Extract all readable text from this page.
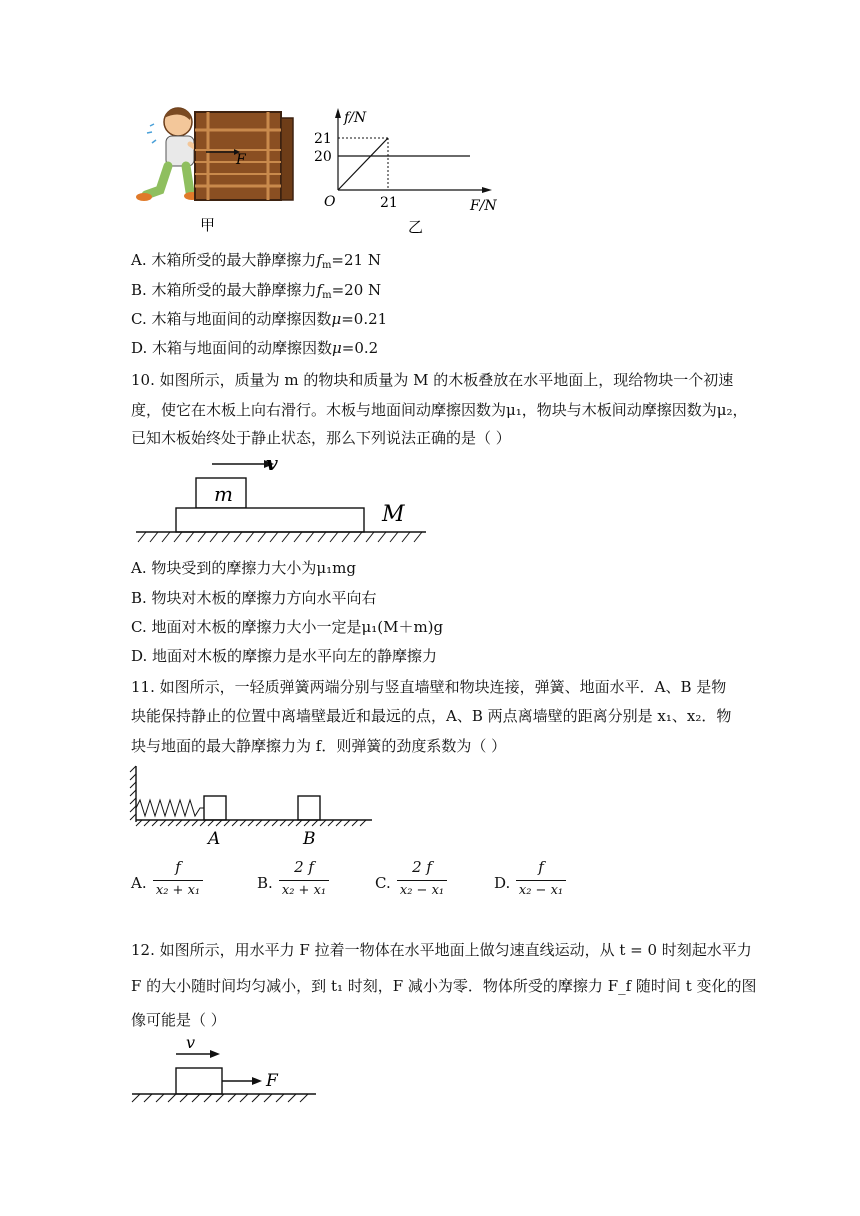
F
甲
f/N
21
20
O	21	F/N
乙
A. 木箱所受的最大静摩擦力$f_m=21$ N
B. 木箱所受的最大静摩擦力$f_m=20$ N
C. 木箱与地面间的动摩擦因数μ=0.21
D. 木箱与地面间的动摩擦因数μ=0.2
10. 如图所示，质量为 m 的物块和质量为 M 的木板叠放在水平地面上，现给物块一个初速
度，使它在木板上向右滑行。木板与地面间动摩擦因数为μ₁，物块与木板间动摩擦因数为μ₂，
已知木板始终处于静止状态，那么下列说法正确的是（ ）
v
m
M
A. 物块受到的摩擦力大小为μ₁mg
B. 物块对木板的摩擦力方向水平向右
C. 地面对木板的摩擦力大小一定是μ₁(M＋m)g
D. 地面对木板的摩擦力是水平向左的静摩擦力
11. 如图所示，一轻质弹簧两端分别与竖直墙壁和物块连接，弹簧、地面水平．A、B 是物
块能保持静止的位置中离墙壁最近和最远的点，A、B 两点离墙壁的距离分别是 x₁、x₂．物
块与地面的最大静摩擦力为 f．则弹簧的劲度系数为（ ）
A	B
A.
f
x₂ + x₁	B.
2 f
x₂ + x₁	C.
2 f
x₂ − x₁	D.
f
x₂ − x₁
12. 如图所示，用水平力 F 拉着一物体在水平地面上做匀速直线运动，从 t = 0 时刻起水平力
F 的大小随时间均匀减小，到 t₁ 时刻，F 减小为零．物体所受的摩擦力 F_f 随时间 t 变化的图
像可能是（ ）
v
F
